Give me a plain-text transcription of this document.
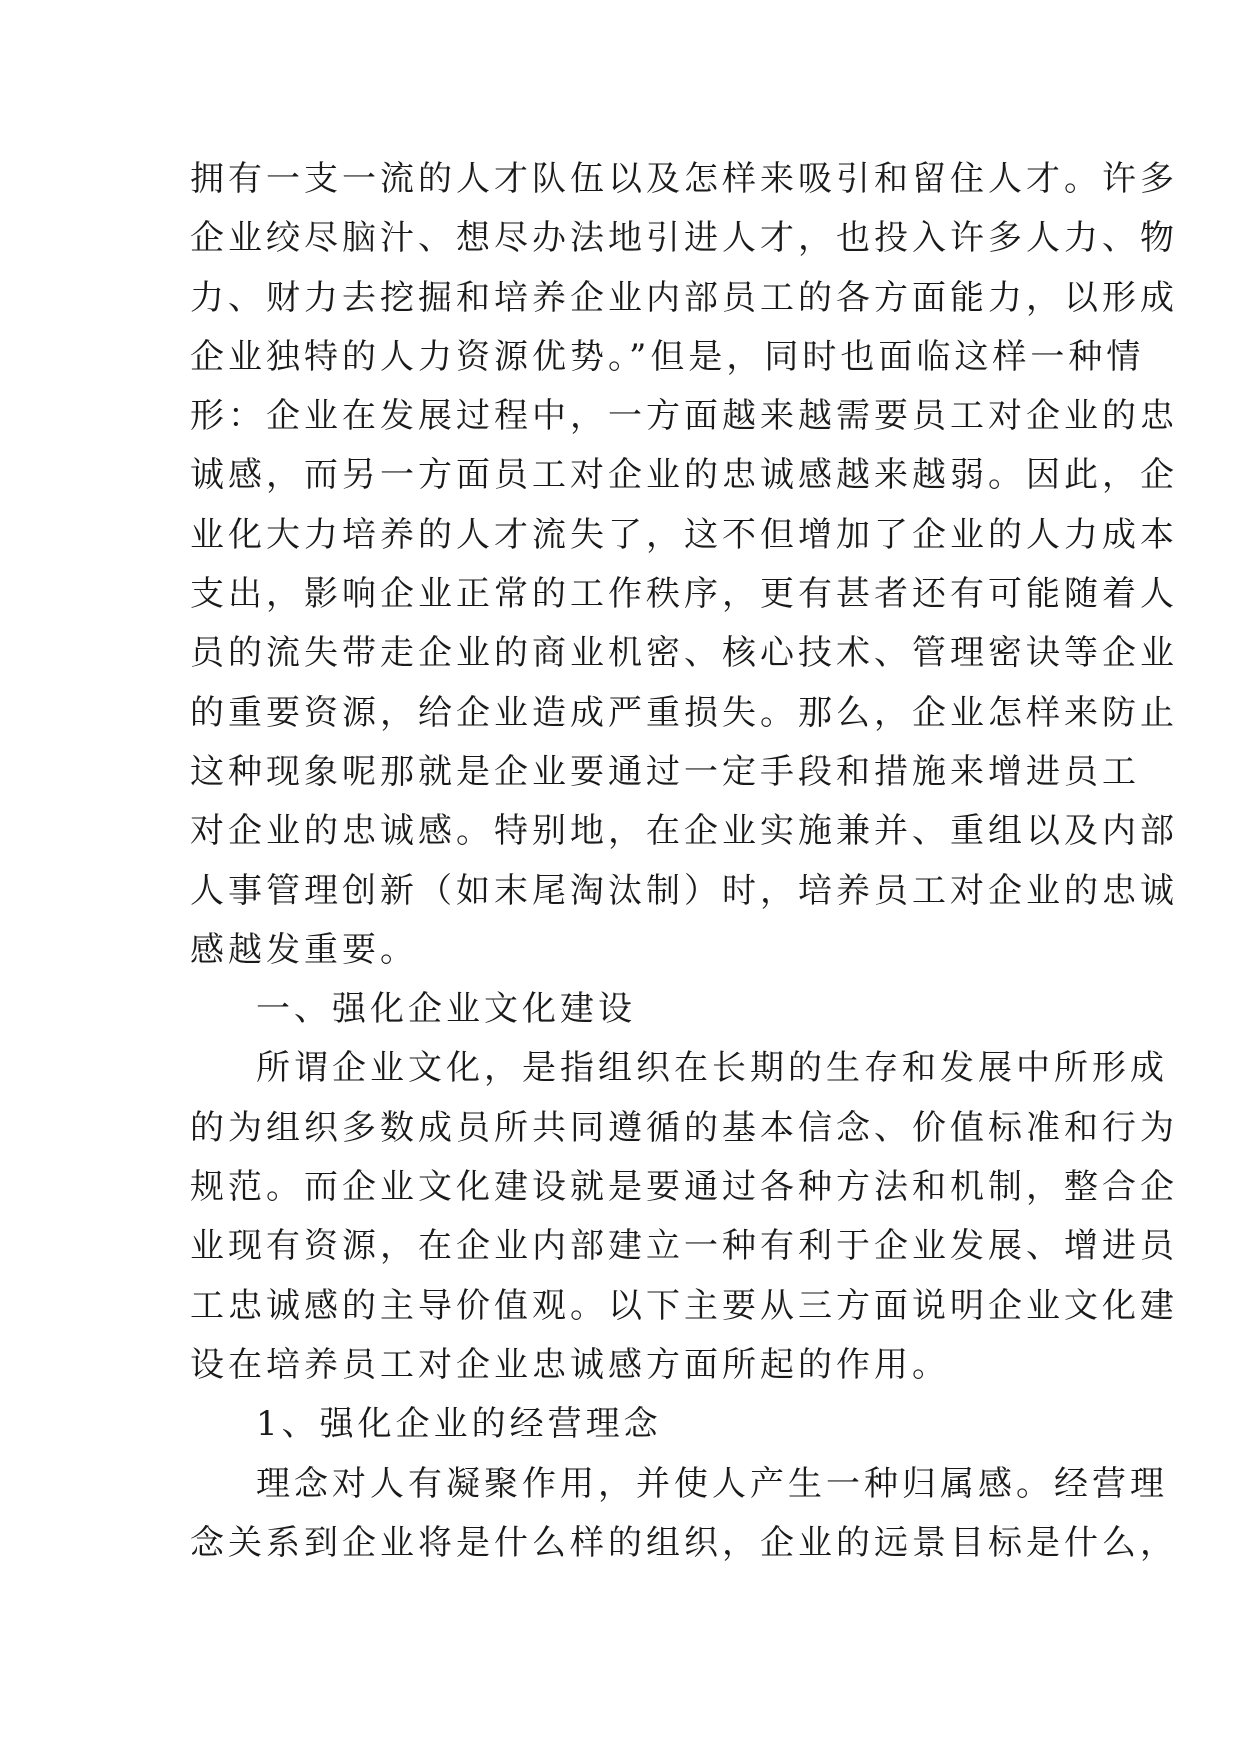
拥有一支一流的人才队伍以及怎样来吸引和留住人才。许多
企业绞尽脑汁、想尽办法地引进人才，也投入许多人力、物
力、财力去挖掘和培养企业内部员工的各方面能力，以形成
企业独特的人力资源优势。”但是，同时也面临这样一种情
形：企业在发展过程中，一方面越来越需要员工对企业的忠
诚感，而另一方面员工对企业的忠诚感越来越弱。因此，企
业化大力培养的人才流失了，这不但增加了企业的人力成本
支出，影响企业正常的工作秩序，更有甚者还有可能随着人
员的流失带走企业的商业机密、核心技术、管理密诀等企业
的重要资源，给企业造成严重损失。那么，企业怎样来防止
这种现象呢那就是企业要通过一定手段和措施来增进员工
对企业的忠诚感。特别地，在企业实施兼并、重组以及内部
人事管理创新（如末尾淘汰制）时，培养员工对企业的忠诚
感越发重要。
一、强化企业文化建设
所谓企业文化，是指组织在长期的生存和发展中所形成
的为组织多数成员所共同遵循的基本信念、价值标准和行为
规范。而企业文化建设就是要通过各种方法和机制，整合企
业现有资源，在企业内部建立一种有利于企业发展、增进员
工忠诚感的主导价值观。以下主要从三方面说明企业文化建
设在培养员工对企业忠诚感方面所起的作用。
1、强化企业的经营理念
理念对人有凝聚作用，并使人产生一种归属感。经营理
念关系到企业将是什么样的组织，企业的远景目标是什么，
